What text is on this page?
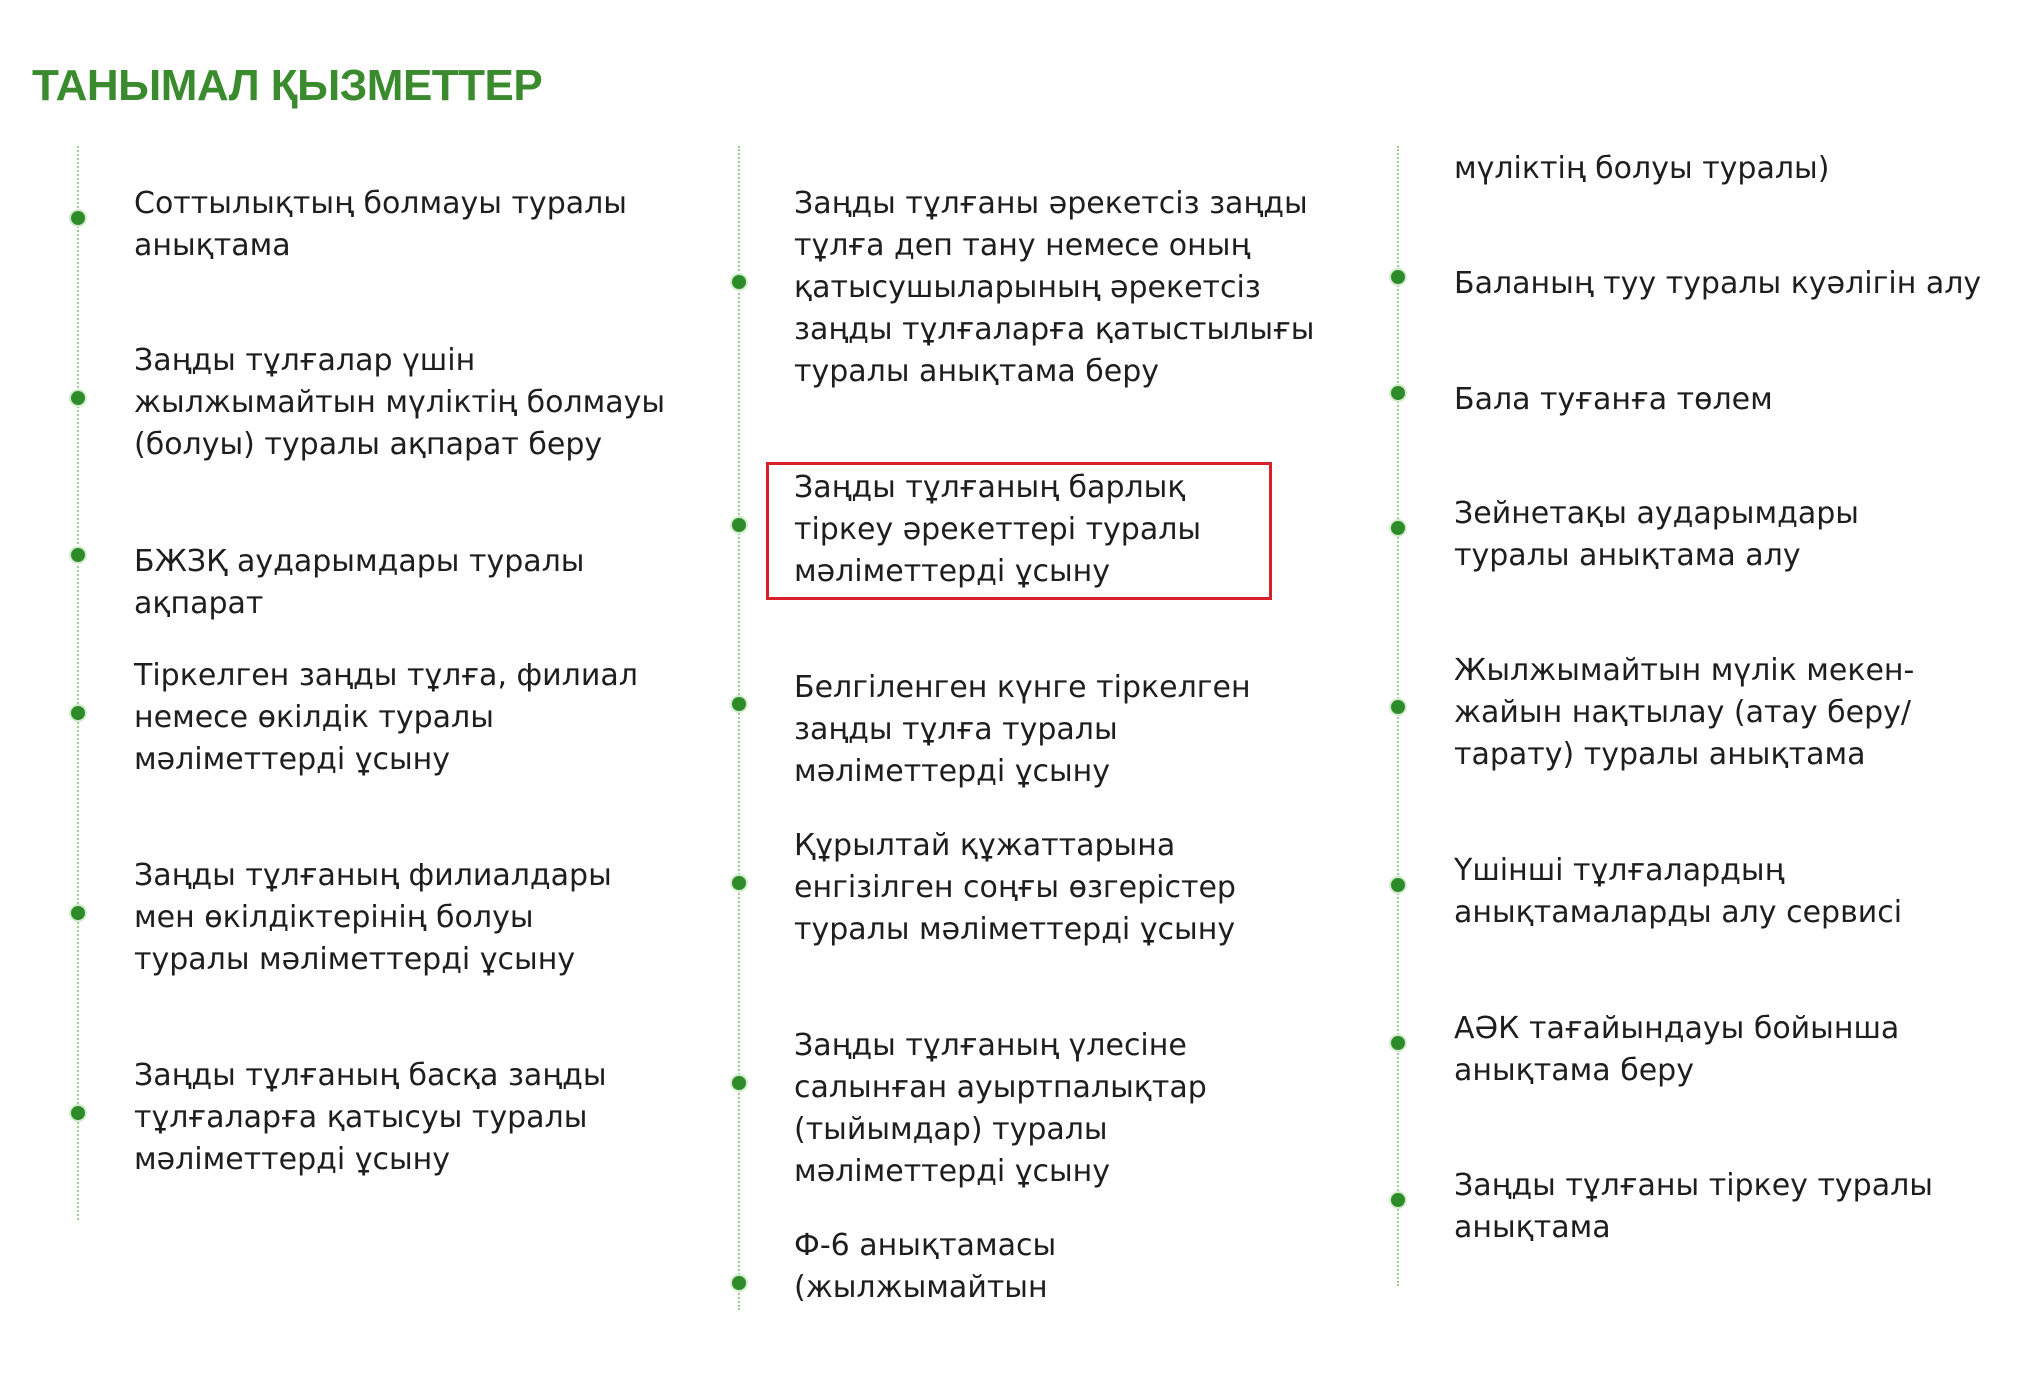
ТАНЫМАЛ ҚЫЗМЕТТЕР
Соттылықтың болмауы туралы анықтама
Заңды тұлғалар үшін жылжымайтын мүліктің болмауы (болуы) туралы ақпарат беру
БЖЗҚ аударымдары туралы ақпарат
Тіркелген заңды тұлға, филиал немесе өкілдік туралы мәліметтерді ұсыну
Заңды тұлғаның филиалдары мен өкілдіктерінің болуы туралы мәліметтерді ұсыну
Заңды тұлғаның басқа заңды тұлғаларға қатысуы туралы мәліметтерді ұсыну
Заңды тұлғаны әрекетсіз заңды тұлға деп тану немесе оның қатысушыларының әрекетсіз заңды тұлғаларға қатыстылығы туралы анықтама беру
Заңды тұлғаның барлық тіркеу әрекеттері туралы мәліметтерді ұсыну
Белгіленген күнге тіркелген заңды тұлға туралы мәліметтерді ұсыну
Құрылтай құжаттарына енгізілген соңғы өзгерістер туралы мәліметтерді ұсыну
Заңды тұлғаның үлесіне салынған ауыртпалықтар (тыйымдар) туралы мәліметтерді ұсыну
Ф-6 анықтамасы (жылжымайтын
мүліктің болуы туралы)
Баланың туу туралы куәлігін алу
Бала туғанға төлем
Зейнетақы аударымдары туралы анықтама алу
Жылжымайтын мүлік мекен-жайын нақтылау (атау беру/тарату) туралы анықтама
Үшінші тұлғалардың анықтамаларды алу сервисі
АӘК тағайындауы бойынша анықтама беру
Заңды тұлғаны тіркеу туралы анықтама
